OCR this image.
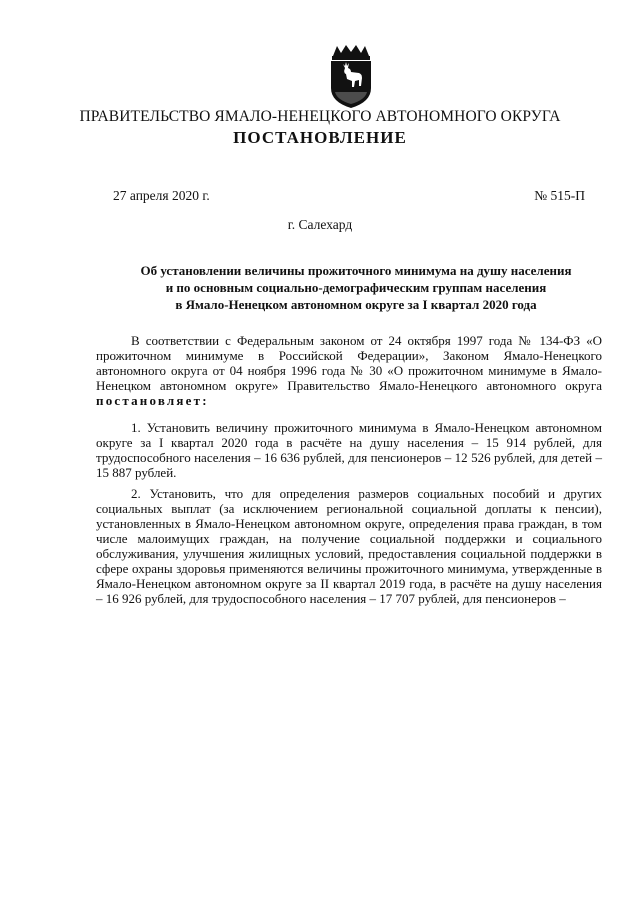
ПРАВИТЕЛЬСТВО ЯМАЛО-НЕНЕЦКОГО АВТОНОМНОГО ОКРУГА
ПОСТАНОВЛЕНИЕ
27 апреля 2020 г.	№ 515-П
г. Салехард
Об установлении величины прожиточного минимума на душу населения
и по основным социально-демографическим группам населения
в Ямало-Ненецком автономном округе за I квартал 2020 года

В соответствии с Федеральным законом от 24 октября 1997 года № 134-ФЗ «О прожиточном минимуме в Российской Федерации», Законом Ямало-Ненецкого автономного округа от 04 ноября 1996 года № 30 «О прожиточном минимуме в Ямало-Ненецком автономном округе» Правительство Ямало-Ненецкого автономного округа постановляет:

1. Установить величину прожиточного минимума в Ямало-Ненецком автономном округе за I квартал 2020 года в расчёте на душу населения – 15 914 рублей, для трудоспособного населения – 16 636 рублей, для пенсионеров – 12 526 рублей, для детей – 15 887 рублей.

2. Установить, что для определения размеров социальных пособий и других социальных выплат (за исключением региональной социальной доплаты к пенсии), установленных в Ямало-Ненецком автономном округе, определения права граждан, в том числе малоимущих граждан, на получение социальной поддержки и социального обслуживания, улучшения жилищных условий, предоставления социальной поддержки в сфере охраны здоровья применяются величины прожиточного минимума, утвержденные в Ямало-Ненецком автономном округе за II квартал 2019 года, в расчёте на душу населения – 16 926 рублей, для трудоспособного населения – 17 707 рублей, для пенсионеров –
